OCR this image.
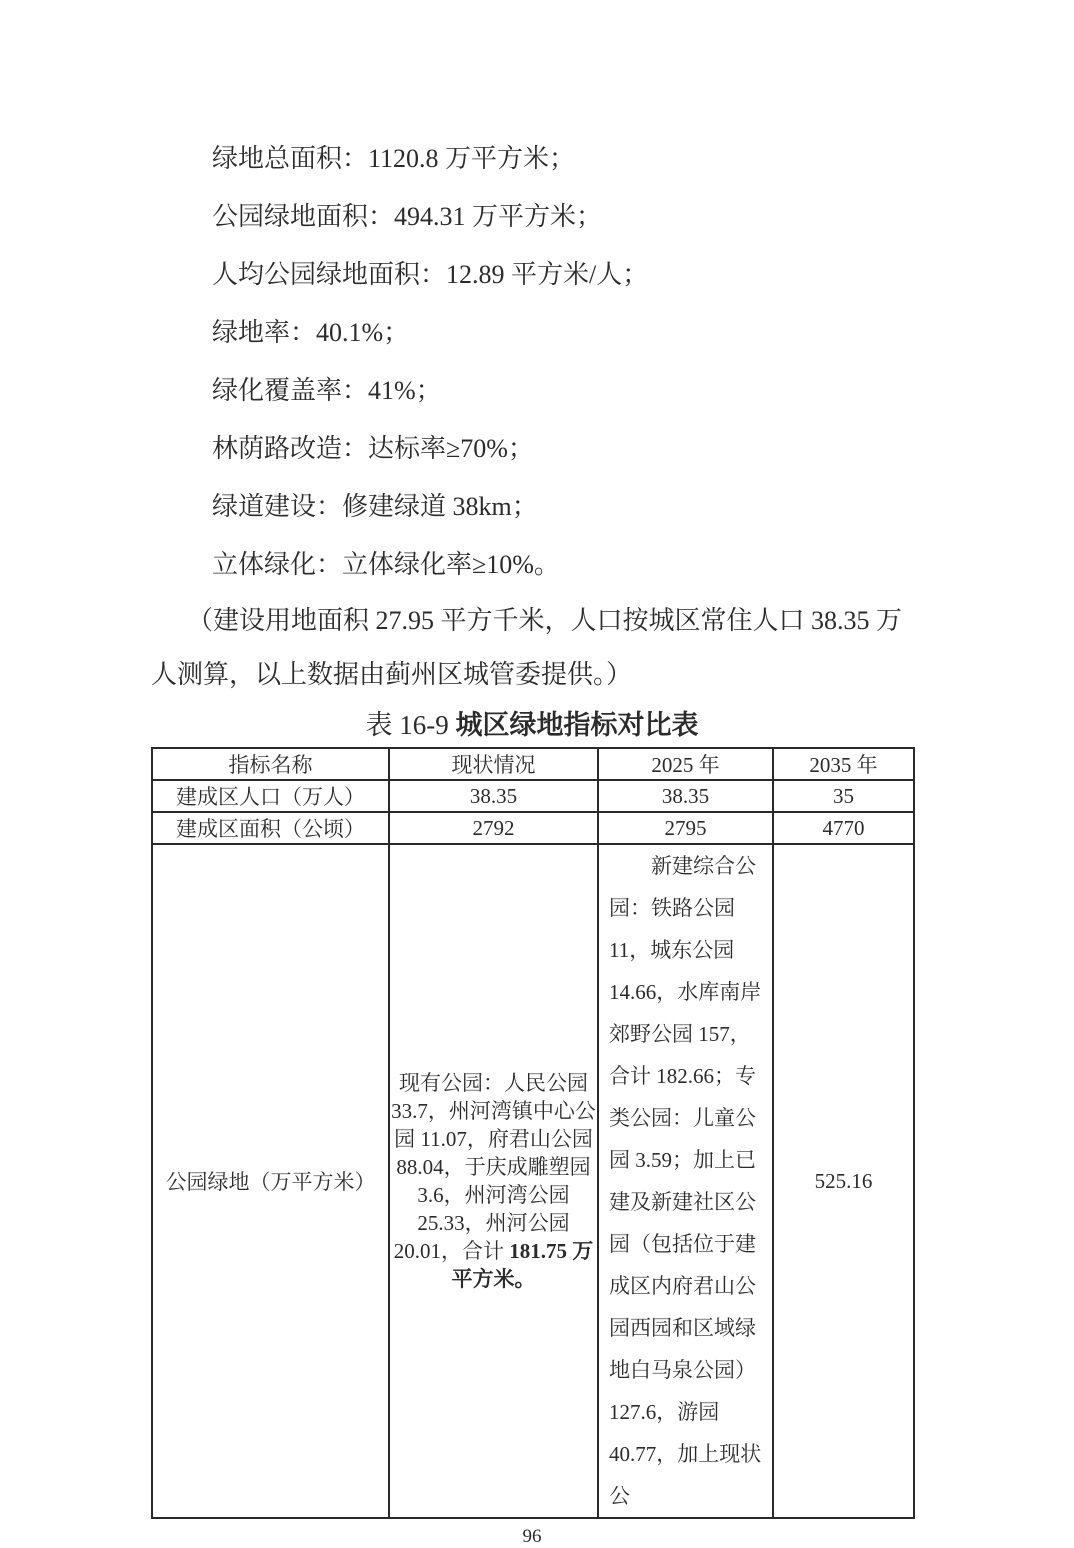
绿地总面积：1120.8 万平方米；

公园绿地面积：494.31 万平方米；

人均公园绿地面积：12.89 平方米/人；

绿地率：40.1%；

绿化覆盖率：41%；

林荫路改造：达标率≥70%；

绿道建设：修建绿道 38km；

立体绿化：立体绿化率≥10%。

（建设用地面积 27.95 平方千米，人口按城区常住人口 38.35 万

人测算，以上数据由蓟州区城管委提供。）

表 16-9 城区绿地指标对比表
指标名称	现状情况	2025 年	2035 年
建成区人口（万人）	38.35	38.35	35
建成区面积（公顷）	2792	2795	4770
公园绿地（万平方米）	现有公园：人民公园 33.7，州河湾镇中心公园 11.07，府君山公园 88.04，于庆成雕塑园 3.6，州河湾公园 25.33，州河公园 20.01，合计 181.75 万平方米。	新建综合公园：铁路公园 11，城东公园 14.66，水库南岸郊野公园 157，合计 182.66；专类公园：儿童公园 3.59；加上已建及新建社区公园（包括位于建成区内府君山公园西园和区域绿地白马泉公园）127.6，游园 40.77，加上现状公	525.16
96
